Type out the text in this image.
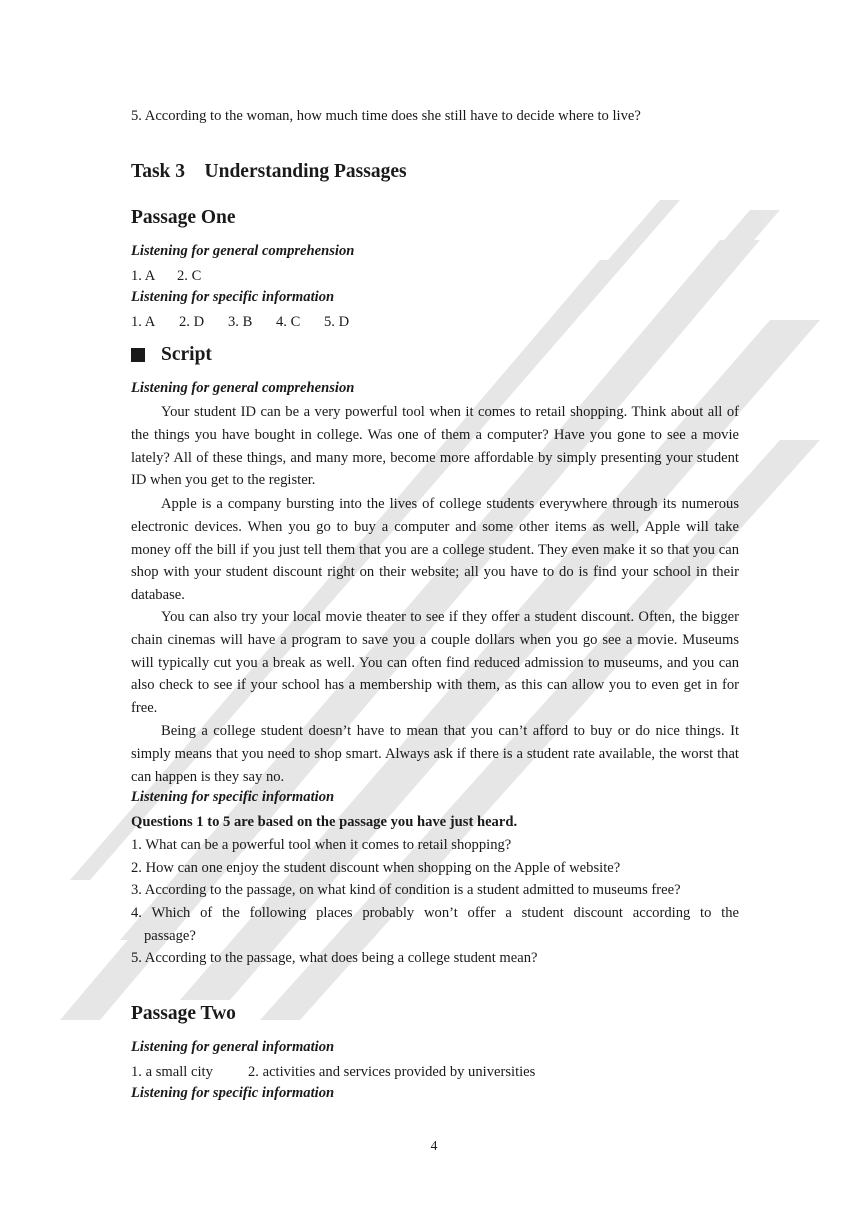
5. According to the woman, how much time does she still have to decide where to live?
Task 3    Understanding Passages
Passage One
Listening for general comprehension
1. A 2. C
Listening for specific information
1. A 2. D 3. B 4. C 5. D
Script
Listening for general comprehension
Your student ID can be a very powerful tool when it comes to retail shopping. Think about all of the things you have bought in college. Was one of them a computer? Have you gone to see a movie lately? All of these things, and many more, become more affordable by simply presenting your student ID when you get to the register.
Apple is a company bursting into the lives of college students everywhere through its numerous electronic devices. When you go to buy a computer and some other items as well, Apple will take money off the bill if you just tell them that you are a college student. They even make it so that you can shop with your student discount right on their website; all you have to do is find your school in their database.
You can also try your local movie theater to see if they offer a student discount. Often, the bigger chain cinemas will have a program to save you a couple dollars when you go see a movie. Museums will typically cut you a break as well. You can often find reduced admission to museums, and you can also check to see if your school has a membership with them, as this can allow you to even get in for free.
Being a college student doesn’t have to mean that you can’t afford to buy or do nice things. It simply means that you need to shop smart. Always ask if there is a student rate available, the worst that can happen is they say no.
Listening for specific information
Questions 1 to 5 are based on the passage you have just heard.
1. What can be a powerful tool when it comes to retail shopping?
2. How can one enjoy the student discount when shopping on the Apple of website?
3. According to the passage, on what kind of condition is a student admitted to museums free?
4. Which of the following places probably won’t offer a student discount according to the passage?
5. According to the passage, what does being a college student mean?
Passage Two
Listening for general information
1. a small city 2. activities and services provided by universities
Listening for specific information
4
